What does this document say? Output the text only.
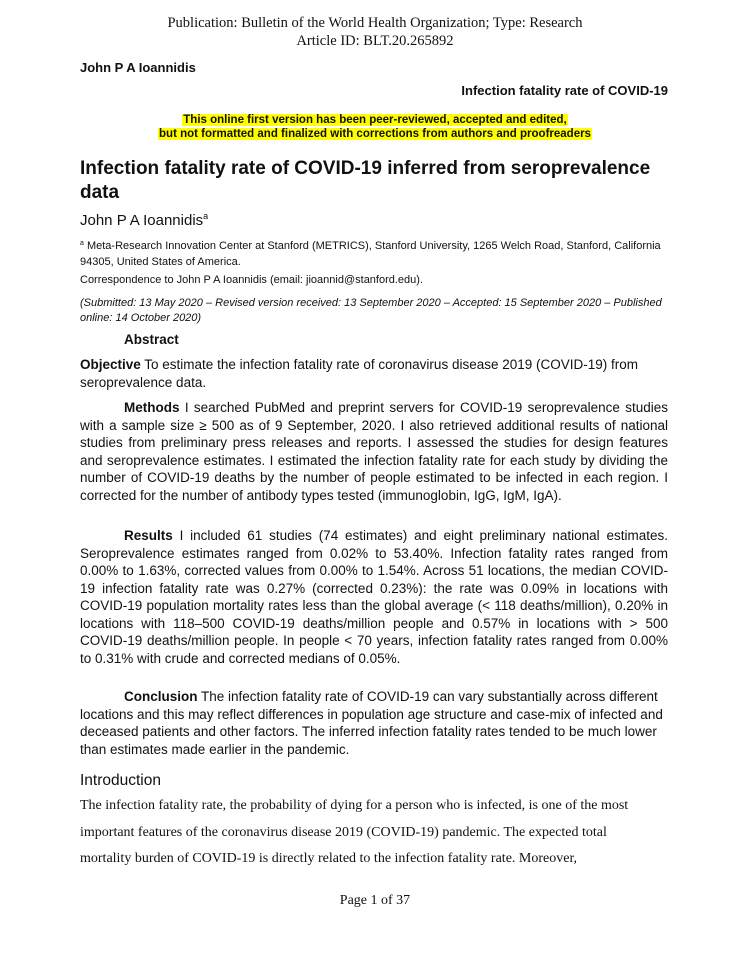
Publication: Bulletin of the World Health Organization; Type: Research
Article ID: BLT.20.265892
John P A Ioannidis
Infection fatality rate of COVID-19
This online first version has been peer-reviewed, accepted and edited,
but not formatted and finalized with corrections from authors and proofreaders
Infection fatality rate of COVID-19 inferred from seroprevalence data
John P A Ioannidis$^a$
$^a$ Meta-Research Innovation Center at Stanford (METRICS), Stanford University, 1265 Welch Road, Stanford, California 94305, United States of America.
Correspondence to John P A Ioannidis (email: jioannid@stanford.edu).
(Submitted: 13 May 2020 – Revised version received: 13 September 2020 – Accepted: 15 September 2020 – Published online: 14 October 2020)
Abstract

Objective To estimate the infection fatality rate of coronavirus disease 2019 (COVID-19) from seroprevalence data.

Methods I searched PubMed and preprint servers for COVID-19 seroprevalence studies with a sample size ≥ 500 as of 9 September, 2020. I also retrieved additional results of national studies from preliminary press releases and reports. I assessed the studies for design features and seroprevalence estimates. I estimated the infection fatality rate for each study by dividing the number of COVID-19 deaths by the number of people estimated to be infected in each region. I corrected for the number of antibody types tested (immunoglobin, IgG, IgM, IgA).

Results I included 61 studies (74 estimates) and eight preliminary national estimates. Seroprevalence estimates ranged from 0.02% to 53.40%. Infection fatality rates ranged from 0.00% to 1.63%, corrected values from 0.00% to 1.54%. Across 51 locations, the median COVID-19 infection fatality rate was 0.27% (corrected 0.23%): the rate was 0.09% in locations with COVID-19 population mortality rates less than the global average (< 118 deaths/million), 0.20% in locations with 118–500 COVID-19 deaths/million people and 0.57% in locations with > 500 COVID-19 deaths/million people. In people < 70 years, infection fatality rates ranged from 0.00% to 0.31% with crude and corrected medians of 0.05%.

Conclusion The infection fatality rate of COVID-19 can vary substantially across different locations and this may reflect differences in population age structure and case-mix of infected and deceased patients and other factors. The inferred infection fatality rates tended to be much lower than estimates made earlier in the pandemic.

Introduction
The infection fatality rate, the probability of dying for a person who is infected, is one of the most
important features of the coronavirus disease 2019 (COVID-19) pandemic. The expected total
mortality burden of COVID-19 is directly related to the infection fatality rate. Moreover,
Page 1 of 37
